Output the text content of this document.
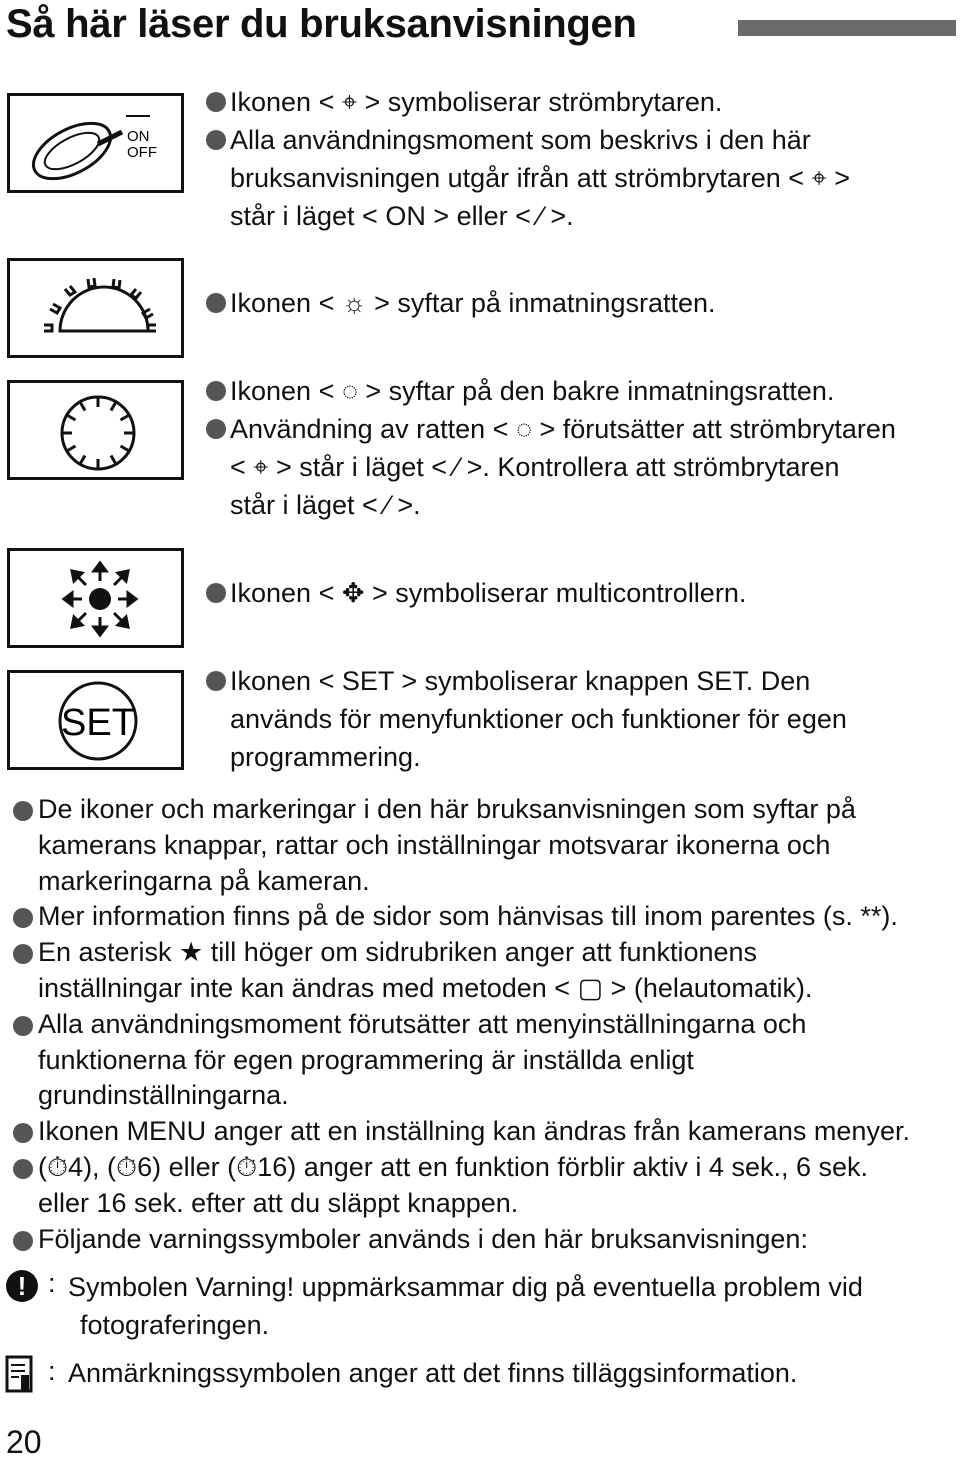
Så här läser du bruksanvisningen
ON
OFF
SET
Ikonen < ⌖ > symboliserar strömbrytaren.
Alla användningsmoment som beskrivs i den här
bruksanvisningen utgår ifrån att strömbrytaren < ⌖ >
står i läget < ON > eller < ⁄ >.
Ikonen < ☼ > syftar på inmatningsratten.
Ikonen < ◌ > syftar på den bakre inmatningsratten.
Användning av ratten < ◌ > förutsätter att strömbrytaren
< ⌖ > står i läget < ⁄ >. Kontrollera att strömbrytaren
står i läget < ⁄ >.
Ikonen < ✥ > symboliserar multicontrollern.
Ikonen < SET > symboliserar knappen SET. Den
används för menyfunktioner och funktioner för egen
programmering.
De ikoner och markeringar i den här bruksanvisningen som syftar på
kamerans knappar, rattar och inställningar motsvarar ikonerna och
markeringarna på kameran.
Mer information finns på de sidor som hänvisas till inom parentes (s. **).
En asterisk ★ till höger om sidrubriken anger att funktionens
inställningar inte kan ändras med metoden < ▢ > (helautomatik).
Alla användningsmoment förutsätter att menyinställningarna och
funktionerna för egen programmering är inställda enligt
grundinställningarna.
Ikonen MENU anger att en inställning kan ändras från kamerans menyer.
(⏱4), (⏱6) eller (⏱16) anger att en funktion förblir aktiv i 4 sek., 6 sek.
eller 16 sek. efter att du släppt knappen.
Följande varningssymboler används i den här bruksanvisningen:
! : Symbolen Varning! uppmärksammar dig på eventuella problem vid
fotograferingen.
: Anmärkningssymbolen anger att det finns tilläggsinformation.
20
